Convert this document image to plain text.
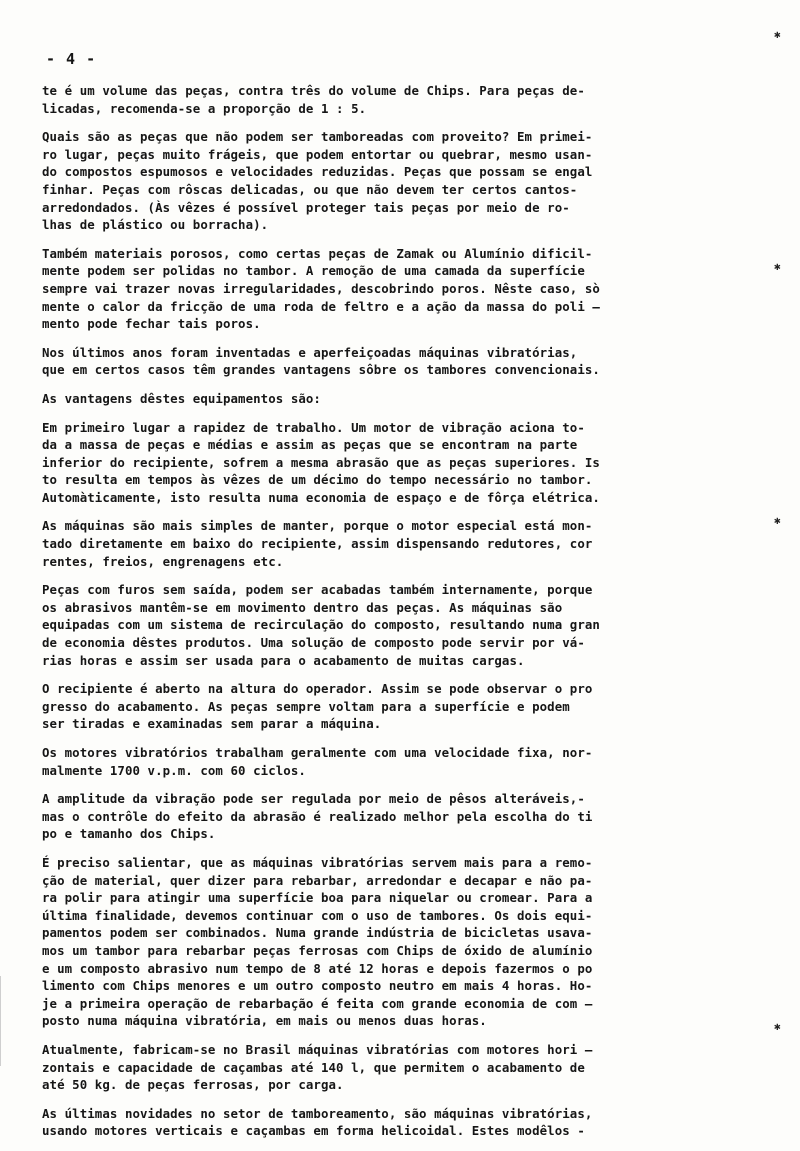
- 4 -
te é um volume das peças, contra três do volume de Chips. Para peças de-
licadas, recomenda-se a proporção de 1 : 5.
Quais são as peças que não podem ser tamboreadas com proveito? Em primei-
ro lugar, peças muito frágeis, que podem entortar ou quebrar, mesmo usan-
do compostos espumosos e velocidades reduzidas. Peças que possam se engal
finhar. Peças com rôscas delicadas, ou que não devem ter certos cantos-
arredondados. (Às vêzes é possível proteger tais peças por meio de ro-
lhas de plástico ou borracha).
Também materiais porosos, como certas peças de Zamak ou Alumínio dificil-
mente podem ser polidas no tambor. A remoção de uma camada da superfície
sempre vai trazer novas irregularidades, descobrindo poros. Nêste caso, sò
mente o calor da fricção de uma roda de feltro e a ação da massa do poli —
mento pode fechar tais poros.
Nos últimos anos foram inventadas e aperfeiçoadas máquinas vibratórias,
que em certos casos têm grandes vantagens sôbre os tambores convencionais.
As vantagens dêstes equipamentos são:
Em primeiro lugar a rapidez de trabalho. Um motor de vibração aciona to-
da a massa de peças e médias e assim as peças que se encontram na parte
inferior do recipiente, sofrem a mesma abrasão que as peças superiores. Is
to resulta em tempos às vêzes de um décimo do tempo necessário no tambor.
Automàticamente, isto resulta numa economia de espaço e de fôrça elétrica.
As máquinas são mais simples de manter, porque o motor especial está mon-
tado diretamente em baixo do recipiente, assim dispensando redutores, cor
rentes, freios, engrenagens etc.
Peças com furos sem saída, podem ser acabadas também internamente, porque
os abrasivos mantêm-se em movimento dentro das peças. As máquinas são
equipadas com um sistema de recirculação do composto, resultando numa gran
de economia dêstes produtos. Uma solução de composto pode servir por vá-
rias horas e assim ser usada para o acabamento de muitas cargas.
O recipiente é aberto na altura do operador. Assim se pode observar o pro
gresso do acabamento. As peças sempre voltam para a superfície e podem
ser tiradas e examinadas sem parar a máquina.
Os motores vibratórios trabalham geralmente com uma velocidade fixa, nor-
malmente 1700 v.p.m. com 60 ciclos.
A amplitude da vibração pode ser regulada por meio de pêsos alteráveis,-
mas o contrôle do efeito da abrasão é realizado melhor pela escolha do ti
po e tamanho dos Chips.
É preciso salientar, que as máquinas vibratórias servem mais para a remo-
ção de material, quer dizer para rebarbar, arredondar e decapar e não pa-
ra polir para atingir uma superfície boa para niquelar ou cromear. Para a
última finalidade, devemos continuar com o uso de tambores. Os dois equi-
pamentos podem ser combinados. Numa grande indústria de bicicletas usava-
mos um tambor para rebarbar peças ferrosas com Chips de óxido de alumínio
e um composto abrasivo num tempo de 8 até 12 horas e depois fazermos o po
limento com Chips menores e um outro composto neutro em mais 4 horas. Ho-
je a primeira operação de rebarbação é feita com grande economia de com —
posto numa máquina vibratória, em mais ou menos duas horas.
Atualmente, fabricam-se no Brasil máquinas vibratórias com motores hori —
zontais e capacidade de caçambas até 140 l, que permitem o acabamento de
até 50 kg. de peças ferrosas, por carga.
As últimas novidades no setor de tamboreamento, são máquinas vibratórias,
usando motores verticais e caçambas em forma helicoidal. Estes modêlos -
✱
✱
✱
✱
